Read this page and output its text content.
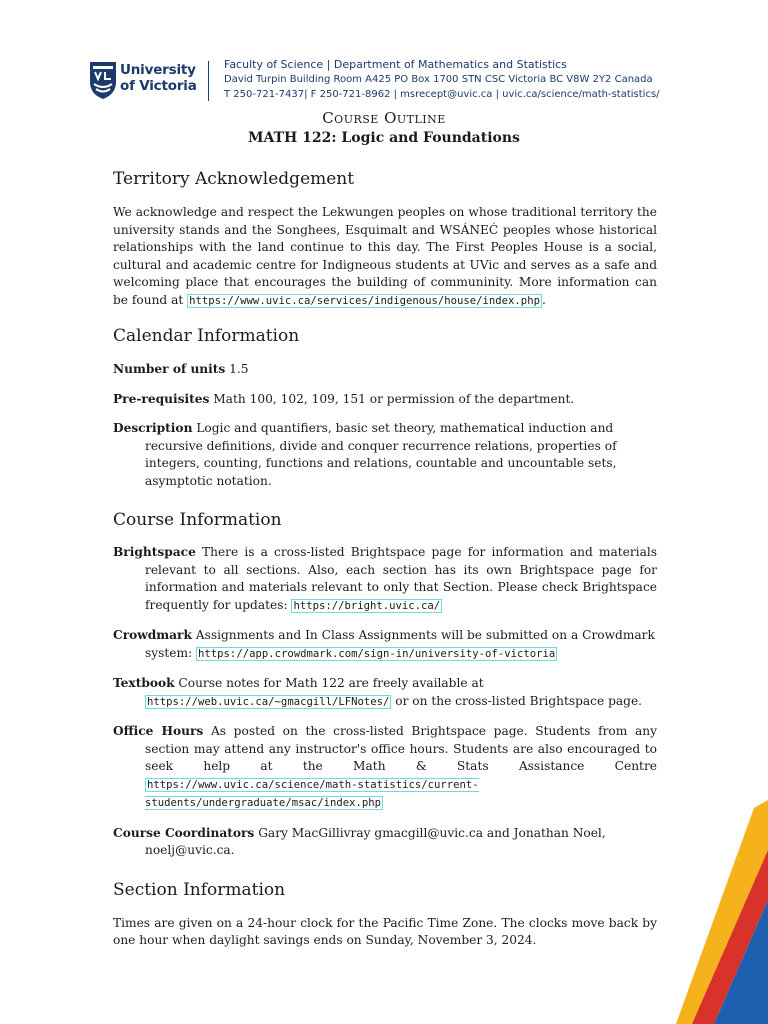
University
of Victoria
Faculty of Science | Department of Mathematics and Statistics
David Turpin Building Room A425 PO Box 1700 STN CSC Victoria BC V8W 2Y2 Canada
T 250-721-7437| F 250-721-8962 | msrecept@uvic.ca | uvic.ca/science/math-statistics/
Course Outline
MATH 122: Logic and Foundations
Territory Acknowledgement

We acknowledge and respect the Lekwungen peoples on whose traditional territory the university stands and the Songhees, Esquimalt and WSÁNEĆ peoples whose historical relationships with the land continue to this day. The First Peoples House is a social, cultural and academic centre for Indigneous students at UVic and serves as a safe and welcoming place that encourages the building of communinity. More information can be found at https://www.uvic.ca/services/indigenous/house/index.php .

Calendar Information

Number of units 1.5

Pre-requisites Math 100, 102, 109, 151 or permission of the department.

Description Logic and quantifiers, basic set theory, mathematical induction and recursive definitions, divide and conquer recurrence relations, properties of integers, counting, functions and relations, countable and uncountable sets, asymptotic notation.

Course Information

Brightspace There is a cross-listed Brightspace page for information and materials relevant to all sections. Also, each section has its own Brightspace page for information and materials relevant to only that Section. Please check Brightspace frequently for updates: https://bright.uvic.ca/

Crowdmark Assignments and In Class Assignments will be submitted on a Crowdmark system: https://app.crowdmark.com/sign-in/university-of-victoria

Textbook Course notes for Math 122 are freely available at https://web.uvic.ca/~gmacgill/LFNotes/ or on the cross-listed Brightspace page.

Office Hours As posted on the cross-listed Brightspace page. Students from any section may attend any instructor's office hours. Students are also encouraged to seek help at the Math & Stats Assistance Centre https://www.uvic.ca/science/math-statistics/current-students/undergraduate/msac/index.php

Course Coordinators Gary MacGillivray gmacgill@uvic.ca and Jonathan Noel, noelj@uvic.ca.

Section Information

Times are given on a 24-hour clock for the Pacific Time Zone. The clocks move back by one hour when daylight savings ends on Sunday, November 3, 2024.
